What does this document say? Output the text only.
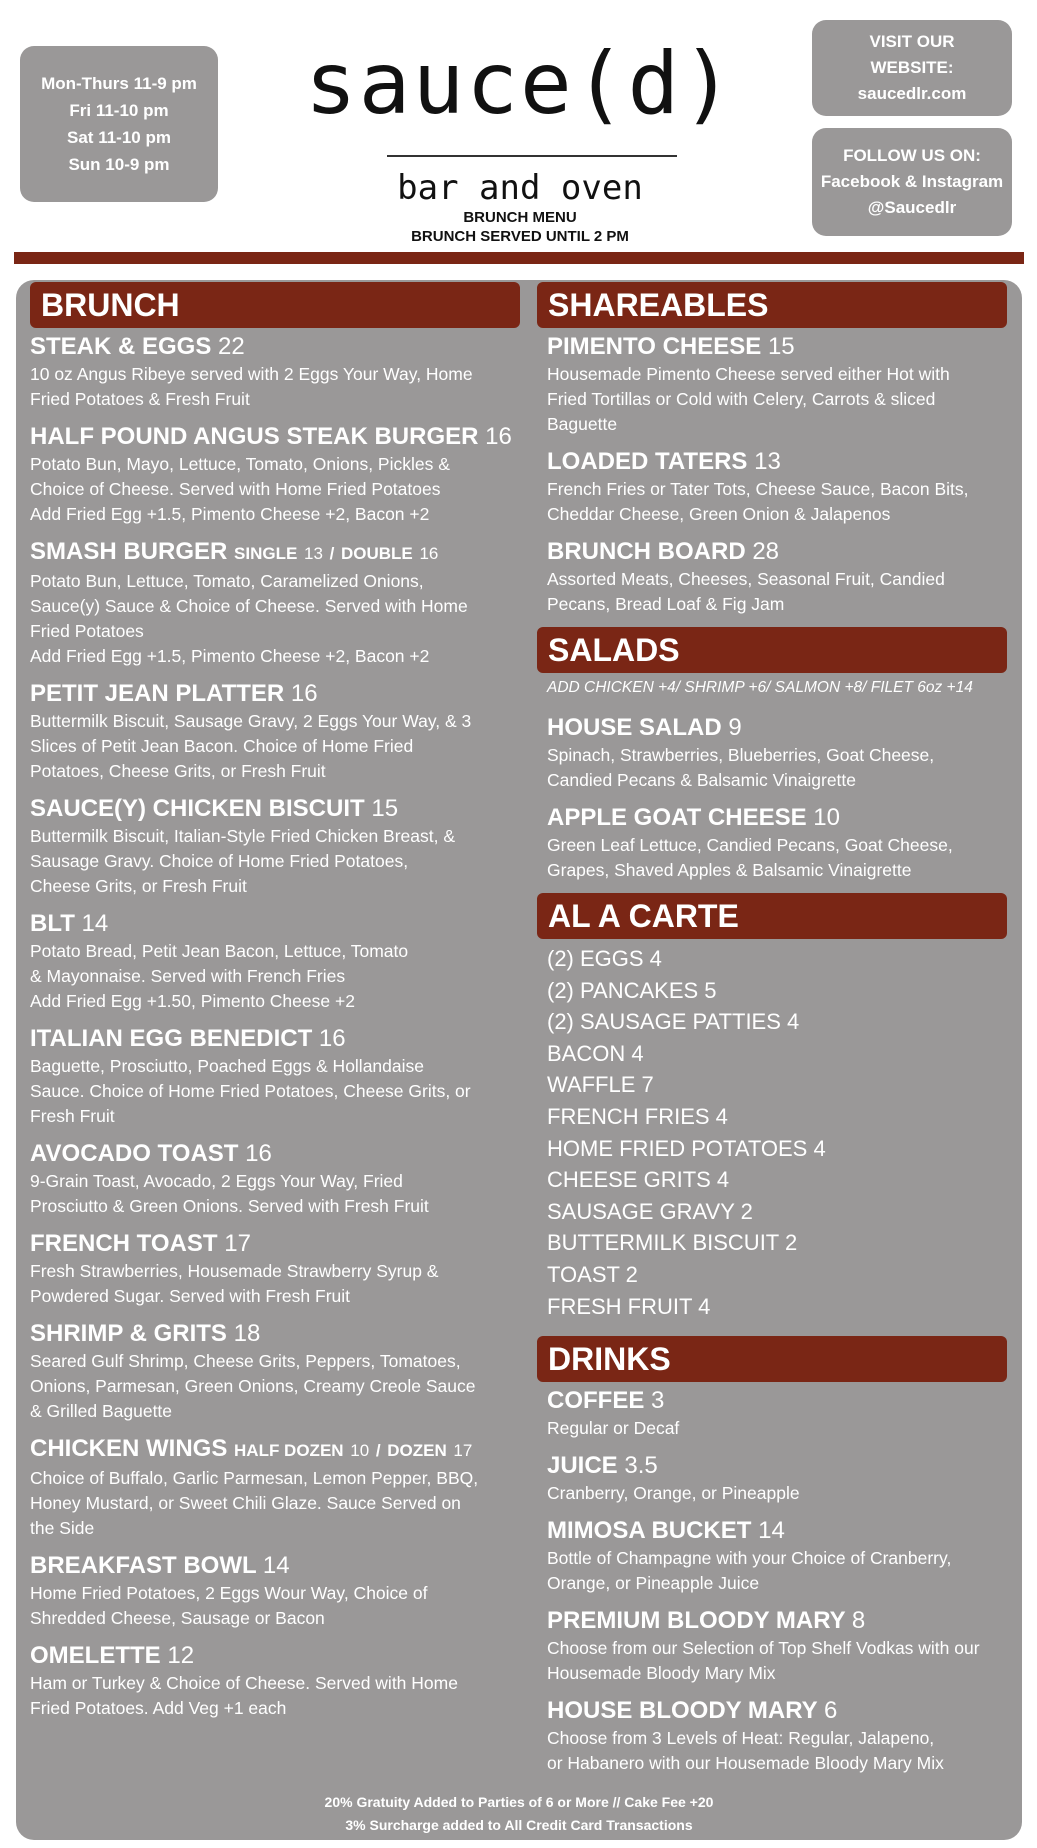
Mon-Thurs 11-9 pm
Fri 11-10 pm
Sat 11-10 pm
Sun 10-9 pm
sauce(d)
bar and oven
BRUNCH MENU
BRUNCH SERVED UNTIL 2 PM
VISIT OUR
WEBSITE:
saucedlr.com
FOLLOW US ON:
Facebook & Instagram
@Saucedlr
BRUNCH
STEAK & EGGS 22
10 oz Angus Ribeye served with 2 Eggs Your Way, Home
Fried Potatoes & Fresh Fruit
HALF POUND ANGUS STEAK BURGER 16
Potato Bun, Mayo, Lettuce, Tomato, Onions, Pickles &
Choice of Cheese. Served with Home Fried Potatoes
Add Fried Egg +1.5, Pimento Cheese +2, Bacon +2
SMASH BURGER SINGLE 13 / DOUBLE 16
Potato Bun, Lettuce, Tomato, Caramelized Onions,
Sauce(y) Sauce & Choice of Cheese. Served with Home
Fried Potatoes
Add Fried Egg +1.5, Pimento Cheese +2, Bacon +2
PETIT JEAN PLATTER 16
Buttermilk Biscuit, Sausage Gravy, 2 Eggs Your Way, & 3
Slices of Petit Jean Bacon. Choice of Home Fried
Potatoes, Cheese Grits, or Fresh Fruit
SAUCE(Y) CHICKEN BISCUIT 15
Buttermilk Biscuit, Italian-Style Fried Chicken Breast, &
Sausage Gravy. Choice of Home Fried Potatoes,
Cheese Grits, or Fresh Fruit
BLT 14
Potato Bread, Petit Jean Bacon, Lettuce, Tomato
& Mayonnaise. Served with French Fries
Add Fried Egg +1.50, Pimento Cheese +2
ITALIAN EGG BENEDICT 16
Baguette, Prosciutto, Poached Eggs & Hollandaise
Sauce. Choice of Home Fried Potatoes, Cheese Grits, or
Fresh Fruit
AVOCADO TOAST 16
9-Grain Toast, Avocado, 2 Eggs Your Way, Fried
Prosciutto & Green Onions. Served with Fresh Fruit
FRENCH TOAST 17
Fresh Strawberries, Housemade Strawberry Syrup &
Powdered Sugar. Served with Fresh Fruit
SHRIMP & GRITS 18
Seared Gulf Shrimp, Cheese Grits, Peppers, Tomatoes,
Onions, Parmesan, Green Onions, Creamy Creole Sauce
& Grilled Baguette
CHICKEN WINGS HALF DOZEN 10 / DOZEN 17
Choice of Buffalo, Garlic Parmesan, Lemon Pepper, BBQ,
Honey Mustard, or Sweet Chili Glaze. Sauce Served on
the Side
BREAKFAST BOWL 14
Home Fried Potatoes, 2 Eggs Wour Way, Choice of
Shredded Cheese, Sausage or Bacon
OMELETTE 12
Ham or Turkey & Choice of Cheese. Served with Home
Fried Potatoes. Add Veg +1 each
SHAREABLES
PIMENTO CHEESE 15
Housemade Pimento Cheese served either Hot with
Fried Tortillas or Cold with Celery, Carrots & sliced
Baguette
LOADED TATERS 13
French Fries or Tater Tots, Cheese Sauce, Bacon Bits,
Cheddar Cheese, Green Onion & Jalapenos
BRUNCH BOARD 28
Assorted Meats, Cheeses, Seasonal Fruit, Candied
Pecans, Bread Loaf & Fig Jam
SALADS
ADD CHICKEN +4/ SHRIMP +6/ SALMON +8/ FILET 6oz +14
HOUSE SALAD 9
Spinach, Strawberries, Blueberries, Goat Cheese,
Candied Pecans & Balsamic Vinaigrette
APPLE GOAT CHEESE 10
Green Leaf Lettuce, Candied Pecans, Goat Cheese,
Grapes, Shaved Apples & Balsamic Vinaigrette
AL A CARTE
(2) EGGS 4
(2) PANCAKES 5
(2) SAUSAGE PATTIES 4
BACON 4
WAFFLE 7
FRENCH FRIES 4
HOME FRIED POTATOES 4
CHEESE GRITS 4
SAUSAGE GRAVY 2
BUTTERMILK BISCUIT 2
TOAST 2
FRESH FRUIT 4
DRINKS
COFFEE 3
Regular or Decaf
JUICE 3.5
Cranberry, Orange, or Pineapple
MIMOSA BUCKET 14
Bottle of Champagne with your Choice of Cranberry,
Orange, or Pineapple Juice
PREMIUM BLOODY MARY 8
Choose from our Selection of Top Shelf Vodkas with our
Housemade Bloody Mary Mix
HOUSE BLOODY MARY 6
Choose from 3 Levels of Heat: Regular, Jalapeno,
or Habanero with our Housemade Bloody Mary Mix
20% Gratuity Added to Parties of 6 or More // Cake Fee +20
3% Surcharge added to All Credit Card Transactions
